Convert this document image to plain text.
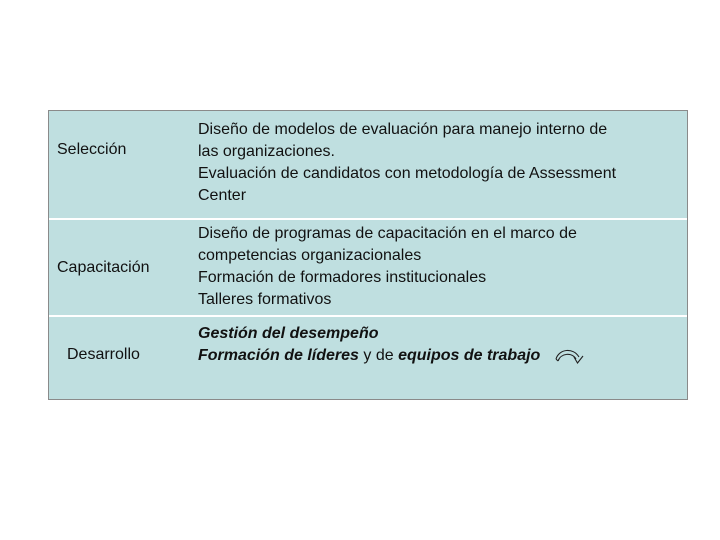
Selección
Diseño de modelos de evaluación para manejo interno de
las organizaciones.
Evaluación de candidatos con metodología de Assessment
Center
Capacitación
Diseño de programas de capacitación en el marco de
competencias organizacionales
Formación de formadores institucionales
Talleres formativos
Desarrollo
Gestión del desempeño
Formación de líderes y de equipos de trabajo
